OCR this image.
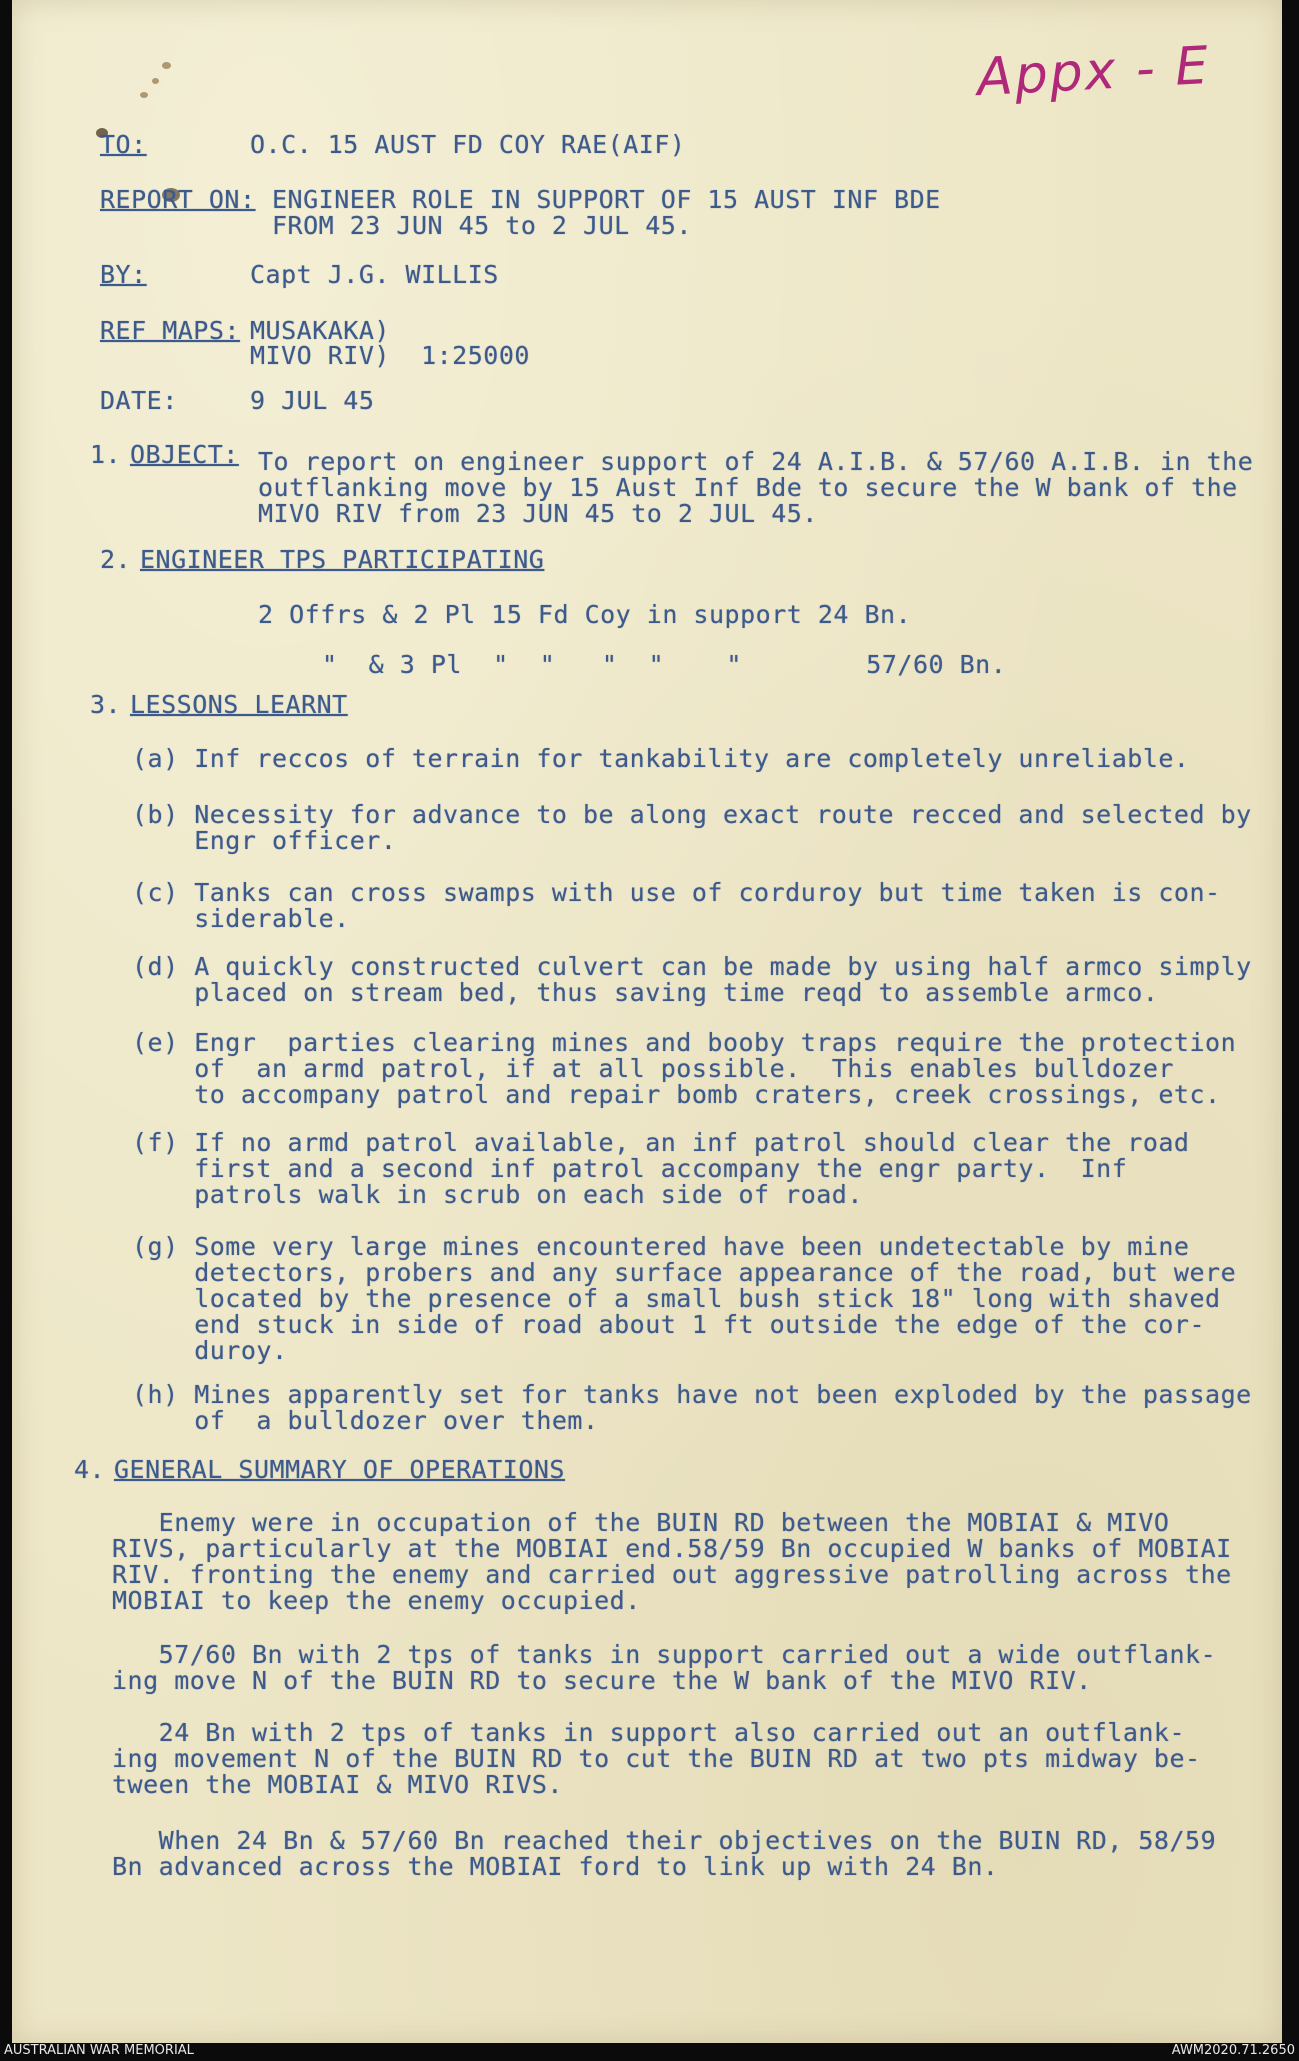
Appx - E
TO:	O.C. 15 AUST FD COY RAE(AIF)
REPORT ON: ENGINEER ROLE IN SUPPORT OF 15 AUST INF BDE
FROM 23 JUN 45 to 2 JUL 45.
BY:	Capt J.G. WILLIS
REF MAPS: MUSAKAKA)
MIVO RIV)  1:25000
DATE:	9 JUL 45
1. OBJECT: To report on engineer support of 24 A.I.B. & 57/60 A.I.B. in the
outflanking move by 15 Aust Inf Bde to secure the W bank of the
MIVO RIV from 23 JUN 45 to 2 JUL 45.
2. ENGINEER TPS PARTICIPATING
2 Offrs & 2 Pl 15 Fd Coy in support 24 Bn.
"  & 3 Pl  "  "   "  "    "        57/60 Bn.
3. LESSONS LEARNT
(a) Inf reccos of terrain for tankability are completely unreliable.
(b) Necessity for advance to be along exact route recced and selected by
Engr officer.
(c) Tanks can cross swamps with use of corduroy but time taken is con-
siderable.
(d) A quickly constructed culvert can be made by using half armco simply
placed on stream bed, thus saving time reqd to assemble armco.
(e) Engr  parties clearing mines and booby traps require the protection
of  an armd patrol, if at all possible.  This enables bulldozer
to accompany patrol and repair bomb craters, creek crossings, etc.
(f) If no armd patrol available, an inf patrol should clear the road
first and a second inf patrol accompany the engr party.  Inf
patrols walk in scrub on each side of road.
(g) Some very large mines encountered have been undetectable by mine
detectors, probers and any surface appearance of the road, but were
located by the presence of a small bush stick 18" long with shaved
end stuck in side of road about 1 ft outside the edge of the cor-
duroy.
(h) Mines apparently set for tanks have not been exploded by the passage
of  a bulldozer over them.
4. GENERAL SUMMARY OF OPERATIONS
Enemy were in occupation of the BUIN RD between the MOBIAI & MIVO
RIVS, particularly at the MOBIAI end.58/59 Bn occupied W banks of MOBIAI
RIV. fronting the enemy and carried out aggressive patrolling across the
MOBIAI to keep the enemy occupied.
57/60 Bn with 2 tps of tanks in support carried out a wide outflank-
ing move N of the BUIN RD to secure the W bank of the MIVO RIV.
24 Bn with 2 tps of tanks in support also carried out an outflank-
ing movement N of the BUIN RD to cut the BUIN RD at two pts midway be-
tween the MOBIAI & MIVO RIVS.
When 24 Bn & 57/60 Bn reached their objectives on the BUIN RD, 58/59
Bn advanced across the MOBIAI ford to link up with 24 Bn.
AUSTRALIAN WAR MEMORIAL	AWM2020.71.2650
